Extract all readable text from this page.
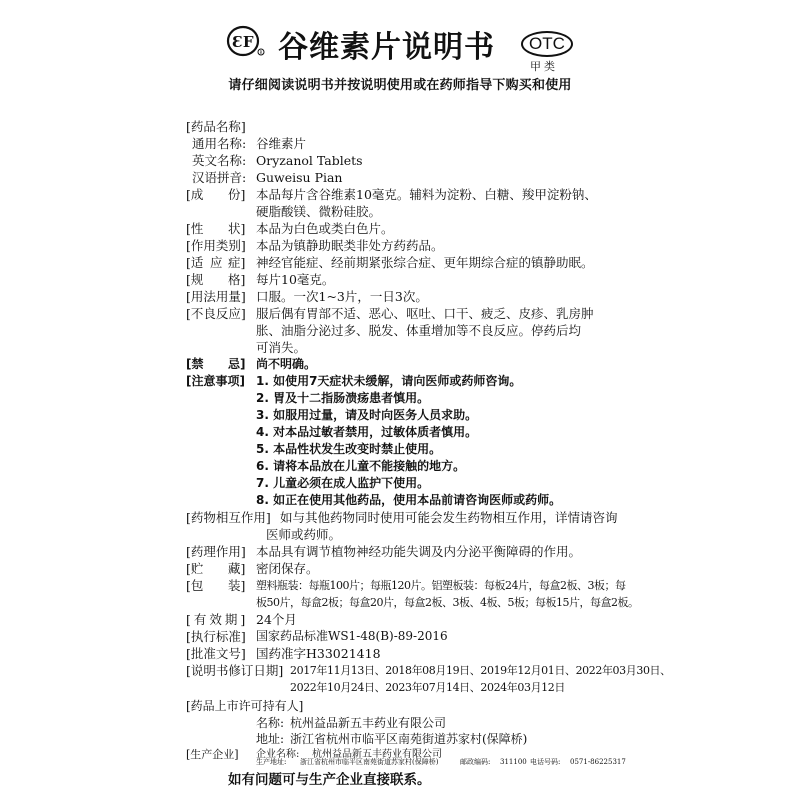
ƐF
R 谷维素片说明书	OTC
甲类
请仔细阅读说明书并按说明使用或在药师指导下购买和使用
[药品名称]
通用名称: 谷维素片
英文名称: Oryzanol Tablets
汉语拼音: Guweisu Pian
[成 份] 本品每片含谷维素10毫克。辅料为淀粉、白糖、羧甲淀粉钠、
硬脂酸镁、微粉硅胶。
[性 状] 本品为白色或类白色片。
[作用类别] 本品为镇静助眠类非处方药药品。
[适 应 症] 神经官能症、经前期紧张综合症、更年期综合症的镇静助眠。
[规 格] 每片10毫克。
[用法用量] 口服。一次1~3片，一日3次。
[不良反应] 服后偶有胃部不适、恶心、呕吐、口干、疲乏、皮疹、乳房肿
胀、油脂分泌过多、脱发、体重增加等不良反应。停药后均
可消失。
[禁 忌] 尚不明确。
[注意事项] 1. 如使用7天症状未缓解，请向医师或药师咨询。
2. 胃及十二指肠溃疡患者慎用。
3. 如服用过量，请及时向医务人员求助。
4. 对本品过敏者禁用，过敏体质者慎用。
5. 本品性状发生改变时禁止使用。
6. 请将本品放在儿童不能接触的地方。
7. 儿童必须在成人监护下使用。
8. 如正在使用其他药品，使用本品前请咨询医师或药师。
[药物相互作用] 如与其他药物同时使用可能会发生药物相互作用，详情请咨询
医师或药师。
[药理作用] 本品具有调节植物神经功能失调及内分泌平衡障碍的作用。
[贮 藏] 密闭保存。
[包 装] 塑料瓶装：每瓶100片；每瓶120片。铝塑板装：每板24片，每盒2板、3板；每
板50片，每盒2板；每盒20片，每盒2板、3板、4板、5板；每板15片，每盒2板。
[有效期] 24个月
[执行标准] 国家药品标准WS1-48(B)-89-2016
[批准文号] 国药准字H33021418
[说明书修订日期] 2017年11月13日、2018年08月19日、2019年12月01日、2022年03月30日、
2022年10月24日、2023年07月14日、2024年03月12日
[药品上市许可持有人]
名称: 杭州益品新五丰药业有限公司
地址: 浙江省杭州市临平区南苑街道苏家村(保障桥)
[生产企业] 企业名称: 杭州益品新五丰药业有限公司
生产地址: 浙江省杭州市临平区南苑街道苏家村(保障桥)	邮政编码: 311100 电话号码: 0571-86225317
如有问题可与生产企业直接联系。
